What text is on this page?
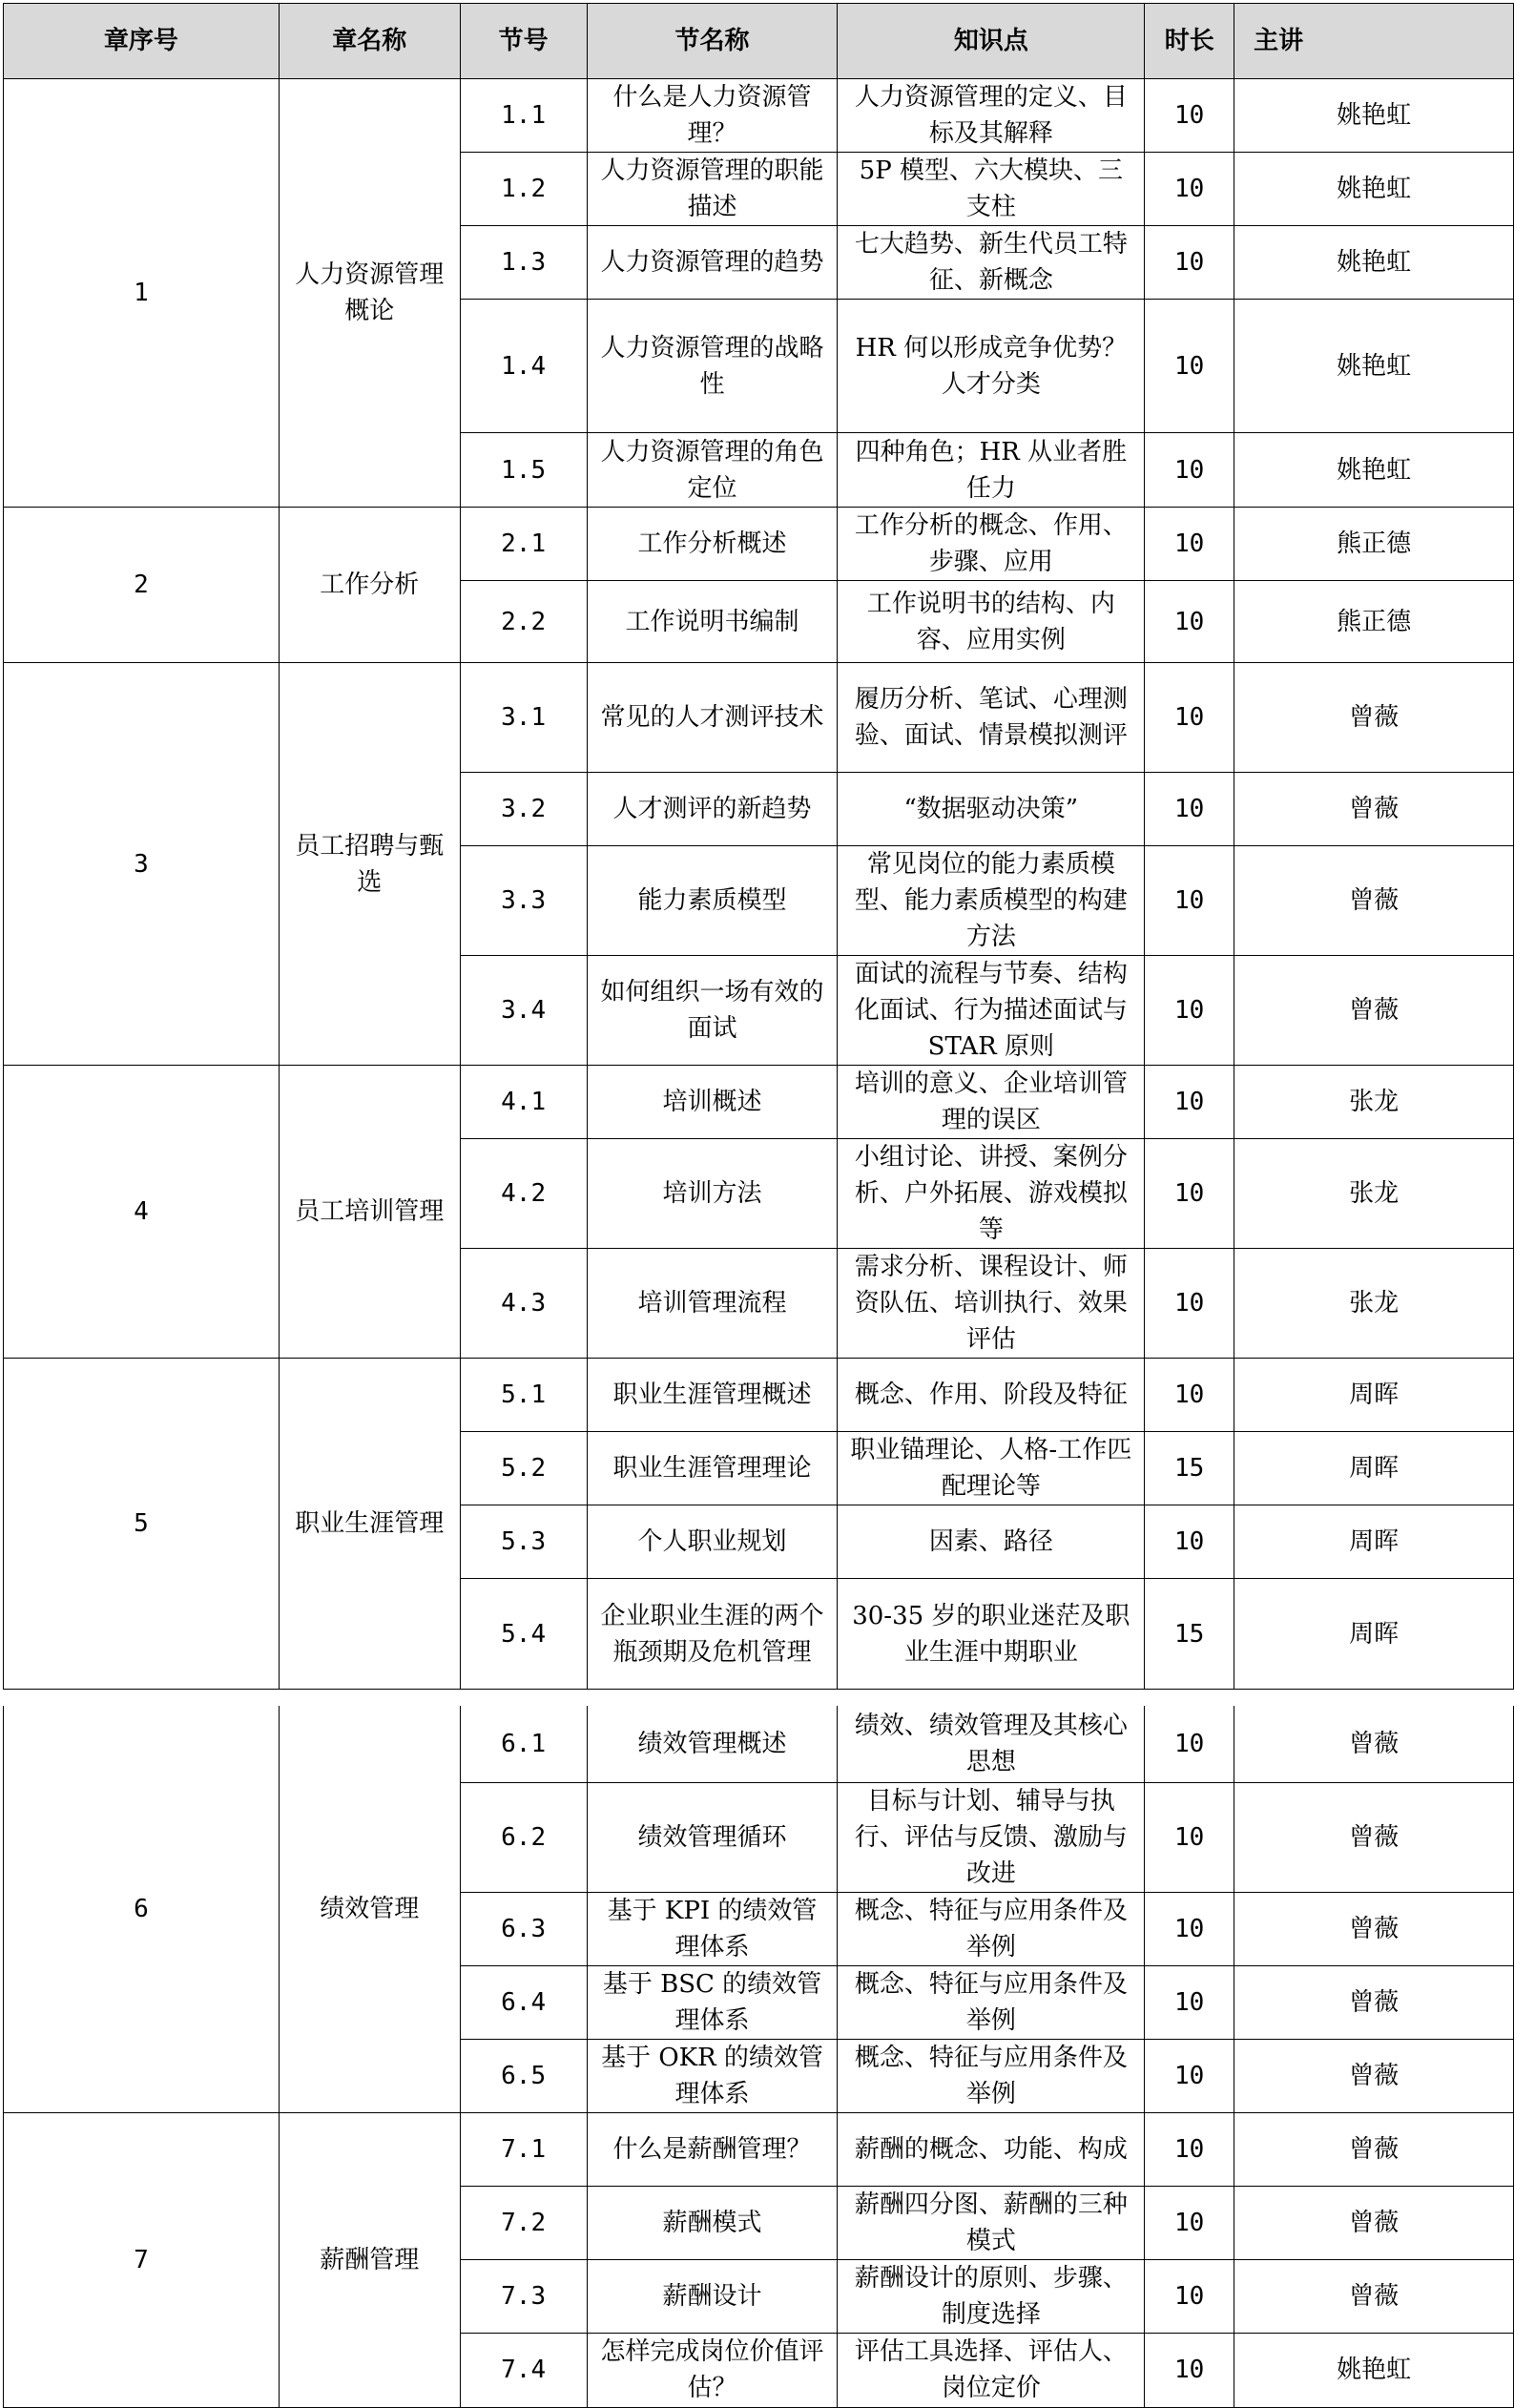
章序号	章名称	节号	节名称	知识点	时长	主讲
1	人力资源管理概论	1.1	什么是人力资源管理？	人力资源管理的定义、目标及其解释	10	姚艳虹
		1.2	人力资源管理的职能描述	5P 模型、六大模块、三支柱	10	姚艳虹
		1.3	人力资源管理的趋势	七大趋势、新生代员工特征、新概念	10	姚艳虹
		1.4	人力资源管理的战略性	HR 何以形成竞争优势？人才分类	10	姚艳虹
		1.5	人力资源管理的角色定位	四种角色；HR 从业者胜任力	10	姚艳虹
2	工作分析	2.1	工作分析概述	工作分析的概念、作用、步骤、应用	10	熊正德
		2.2	工作说明书编制	工作说明书的结构、内容、应用实例	10	熊正德
3	员工招聘与甄选	3.1	常见的人才测评技术	履历分析、笔试、心理测验、面试、情景模拟测评	10	曾薇
		3.2	人才测评的新趋势	“数据驱动决策”	10	曾薇
		3.3	能力素质模型	常见岗位的能力素质模型、能力素质模型的构建方法	10	曾薇
		3.4	如何组织一场有效的面试	面试的流程与节奏、结构化面试、行为描述面试与 STAR 原则	10	曾薇
4	员工培训管理	4.1	培训概述	培训的意义、企业培训管理的误区	10	张龙
		4.2	培训方法	小组讨论、讲授、案例分析、户外拓展、游戏模拟等	10	张龙
		4.3	培训管理流程	需求分析、课程设计、师资队伍、培训执行、效果评估	10	张龙
5	职业生涯管理	5.1	职业生涯管理概述	概念、作用、阶段及特征	10	周晖
		5.2	职业生涯管理理论	职业锚理论、人格-工作匹配理论等	15	周晖
		5.3	个人职业规划	因素、路径	10	周晖
		5.4	企业职业生涯的两个瓶颈期及危机管理	30-35 岁的职业迷茫及职业生涯中期职业	15	周晖
6	绩效管理	6.1	绩效管理概述	绩效、绩效管理及其核心思想	10	曾薇
		6.2	绩效管理循环	目标与计划、辅导与执行、评估与反馈、激励与改进	10	曾薇
		6.3	基于 KPI 的绩效管理体系	概念、特征与应用条件及举例	10	曾薇
		6.4	基于 BSC 的绩效管理体系	概念、特征与应用条件及举例	10	曾薇
		6.5	基于 OKR 的绩效管理体系	概念、特征与应用条件及举例	10	曾薇
7	薪酬管理	7.1	什么是薪酬管理？	薪酬的概念、功能、构成	10	曾薇
		7.2	薪酬模式	薪酬四分图、薪酬的三种模式	10	曾薇
		7.3	薪酬设计	薪酬设计的原则、步骤、制度选择	10	曾薇
		7.4	怎样完成岗位价值评估？	评估工具选择、评估人、岗位定价	10	姚艳虹
